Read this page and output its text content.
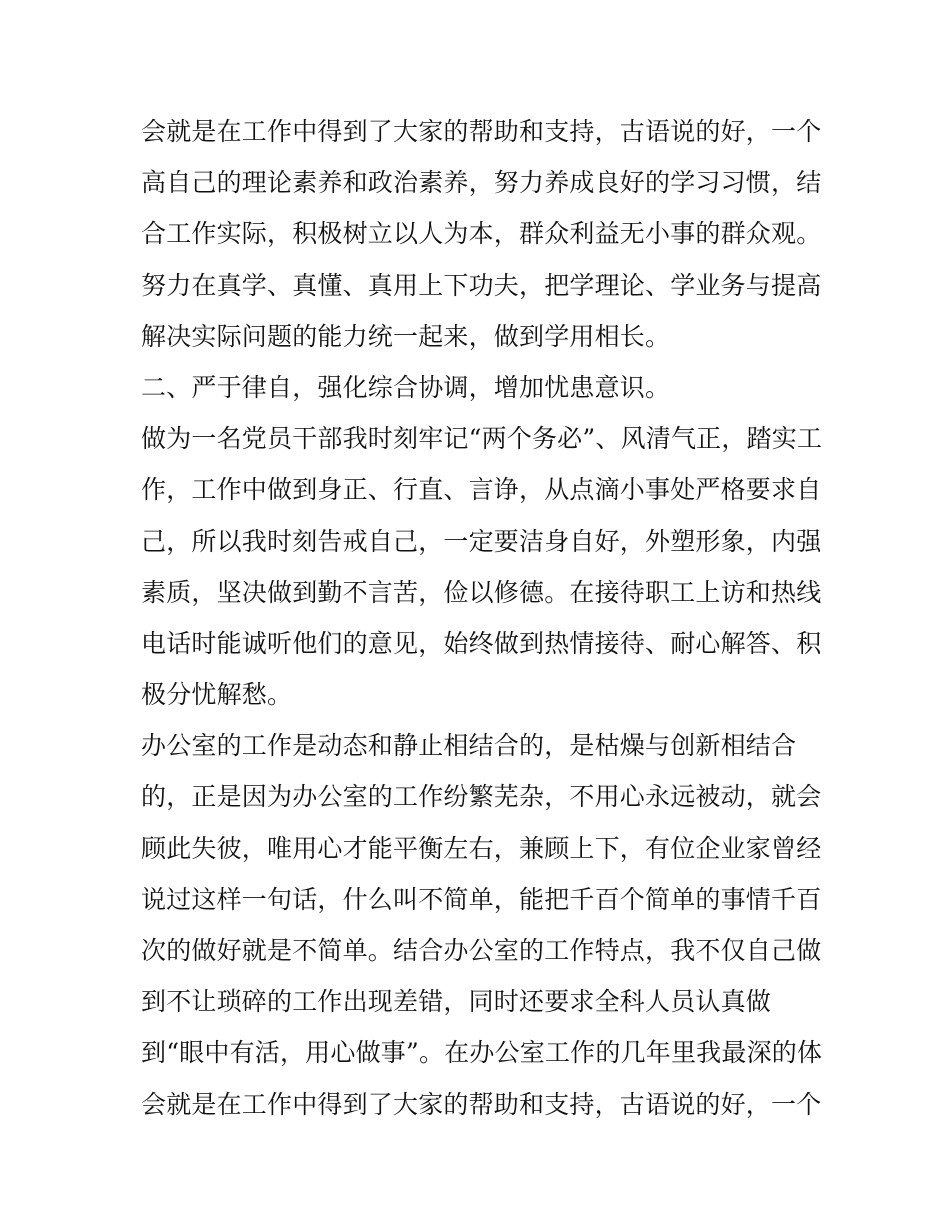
会就是在工作中得到了大家的帮助和支持，古语说的好，一个
高自己的理论素养和政治素养，努力养成良好的学习习惯，结
合工作实际，积极树立以人为本，群众利益无小事的群众观。
努力在真学、真懂、真用上下功夫，把学理论、学业务与提高
解决实际问题的能力统一起来，做到学用相长。
二、严于律自，强化综合协调，增加忧患意识。
做为一名党员干部我时刻牢记“两个务必”、风清气正，踏实工
作，工作中做到身正、行直、言诤，从点滴小事处严格要求自
己，所以我时刻告戒自己，一定要洁身自好，外塑形象，内强
素质，坚决做到勤不言苦，俭以修德。在接待职工上访和热线
电话时能诚听他们的意见，始终做到热情接待、耐心解答、积
极分忧解愁。
办公室的工作是动态和静止相结合的，是枯燥与创新相结合
的，正是因为办公室的工作纷繁芜杂，不用心永远被动，就会
顾此失彼，唯用心才能平衡左右，兼顾上下，有位企业家曾经
说过这样一句话，什么叫不简单，能把千百个简单的事情千百
次的做好就是不简单。结合办公室的工作特点，我不仅自己做
到不让琐碎的工作出现差错，同时还要求全科人员认真做
到“眼中有活，用心做事”。在办公室工作的几年里我最深的体
会就是在工作中得到了大家的帮助和支持，古语说的好，一个
